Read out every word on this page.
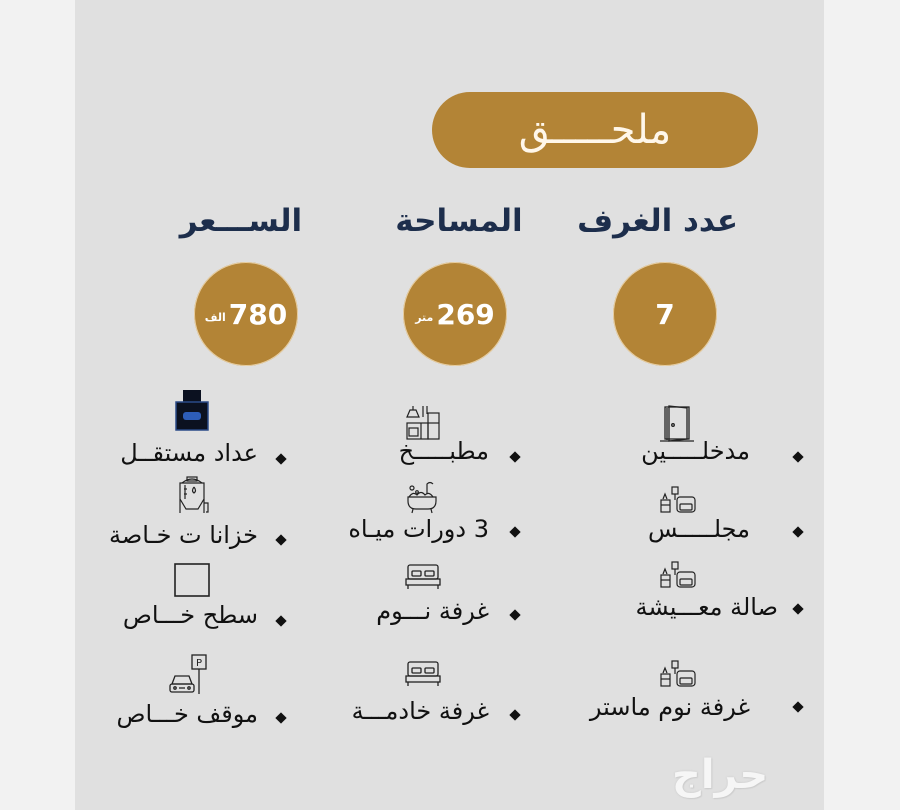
ملحـــــق
عدد الغرف
المساحة
الســـعر
7
متر 269
الف 780
مدخلـــــين
مجلـــــس
صالة معـــيشة
غرفة نوم ماستر
مطبـــــخ
3 دورات ميـاه
غرفة نـــوم
غرفة خادمـــة
عداد مستقــل
خزانا ت خـاصة
سطح خـــاص
P
موقف خـــاص
حراج
